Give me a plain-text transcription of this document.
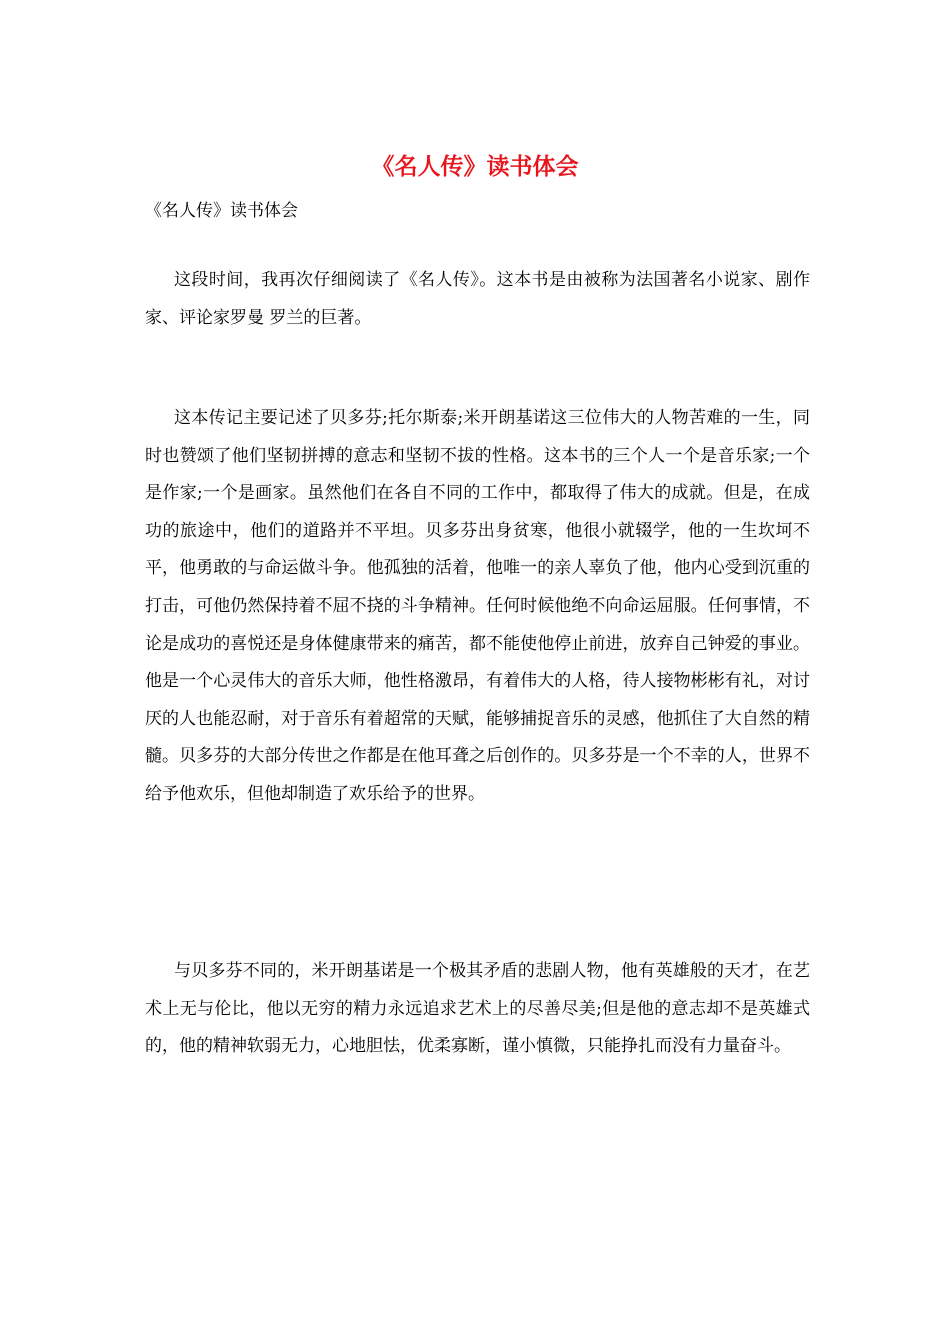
《名人传》读书体会
《名人传》读书体会

这段时间，我再次仔细阅读了《名人传》。这本书是由被称为法国著名小说家、剧作家、评论家罗曼 罗兰的巨著。

这本传记主要记述了贝多芬;托尔斯泰;米开朗基诺这三位伟大的人物苦难的一生，同时也赞颂了他们坚韧拼搏的意志和坚韧不拔的性格。这本书的三个人一个是音乐家;一个是作家;一个是画家。虽然他们在各自不同的工作中，都取得了伟大的成就。但是，在成功的旅途中，他们的道路并不平坦。贝多芬出身贫寒，他很小就辍学，他的一生坎坷不平，他勇敢的与命运做斗争。他孤独的活着，他唯一的亲人辜负了他，他内心受到沉重的打击，可他仍然保持着不屈不挠的斗争精神。任何时候他绝不向命运屈服。任何事情，不论是成功的喜悦还是身体健康带来的痛苦，都不能使他停止前进，放弃自己钟爱的事业。他是一个心灵伟大的音乐大师，他性格激昂，有着伟大的人格，待人接物彬彬有礼，对讨厌的人也能忍耐，对于音乐有着超常的天赋，能够捕捉音乐的灵感，他抓住了大自然的精髓。贝多芬的大部分传世之作都是在他耳聋之后创作的。贝多芬是一个不幸的人，世界不给予他欢乐，但他却制造了欢乐给予的世界。

与贝多芬不同的，米开朗基诺是一个极其矛盾的悲剧人物，他有英雄般的天才，在艺术上无与伦比，他以无穷的精力永远追求艺术上的尽善尽美;但是他的意志却不是英雄式的，他的精神软弱无力，心地胆怯，优柔寡断，谨小慎微，只能挣扎而没有力量奋斗。
